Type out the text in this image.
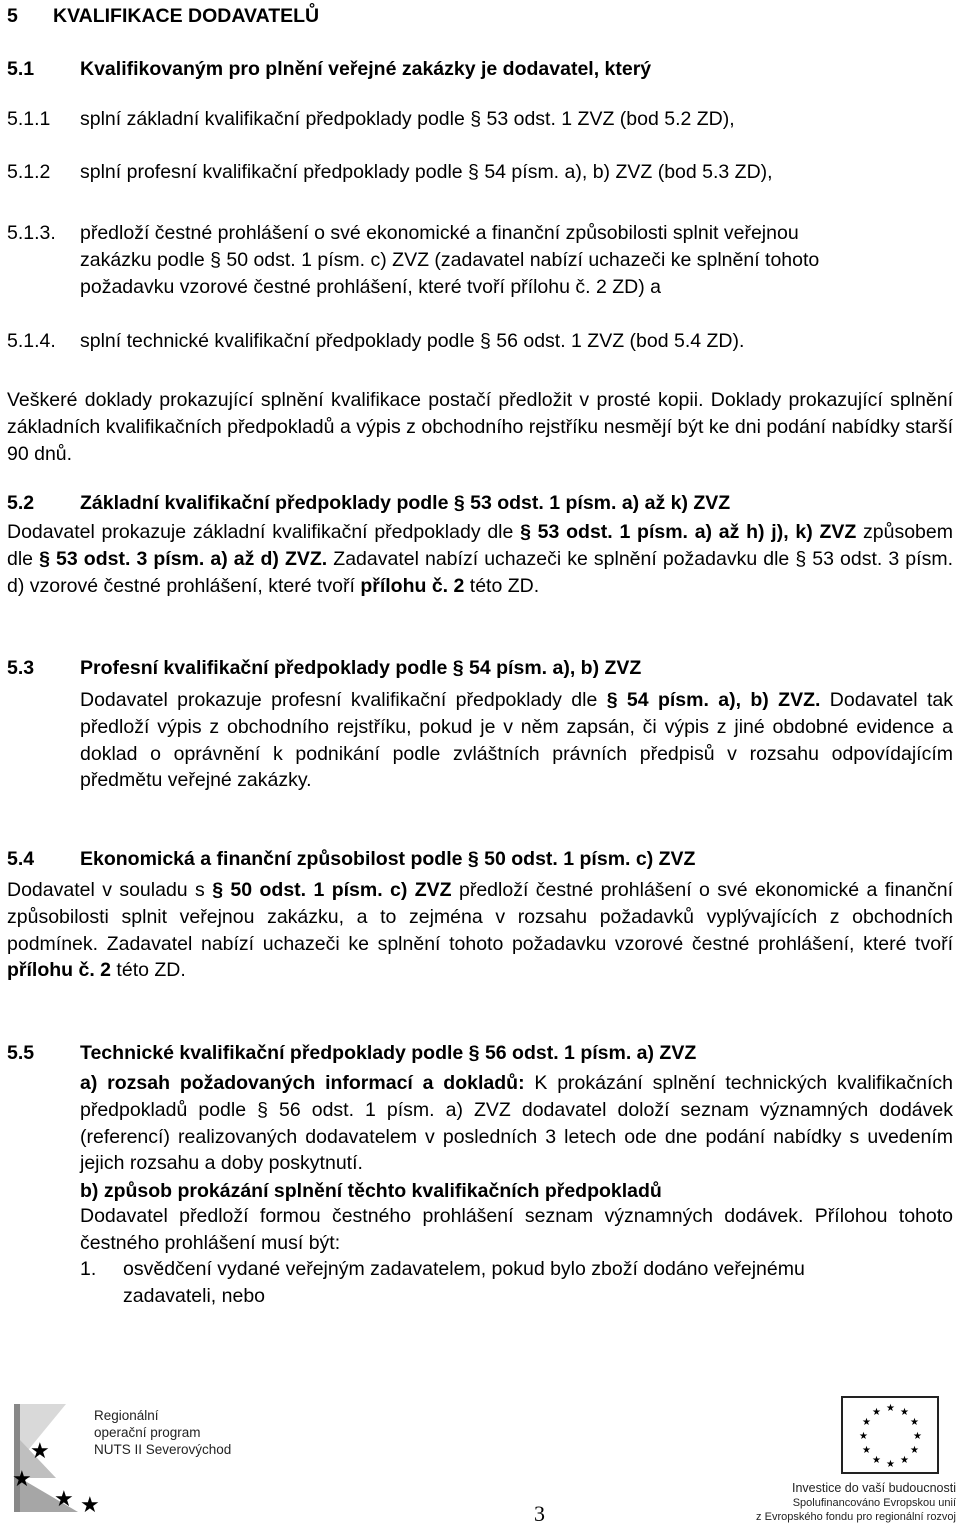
5 KVALIFIKACE DODAVATELŮ
5.1 Kvalifikovaným pro plnění veřejné zakázky je dodavatel, který
5.1.1 splní základní kvalifikační předpoklady podle § 53 odst. 1 ZVZ (bod 5.2 ZD),
5.1.2 splní profesní kvalifikační předpoklady podle § 54 písm. a), b) ZVZ (bod 5.3 ZD),
5.1.3. předloží čestné prohlášení o své ekonomické a finanční způsobilosti splnit veřejnou
zakázku podle § 50 odst. 1 písm. c) ZVZ (zadavatel nabízí uchazeči ke splnění tohoto
požadavku vzorové čestné prohlášení, které tvoří přílohu č. 2 ZD) a
5.1.4. splní technické kvalifikační předpoklady podle § 56 odst. 1 ZVZ (bod 5.4 ZD).

Veškeré doklady prokazující splnění kvalifikace postačí předložit v prosté kopii. Doklady prokazující splnění základních kvalifikačních předpokladů a výpis z obchodního rejstříku nesmějí být ke dni podání nabídky starší 90 dnů.

5.2 Základní kvalifikační předpoklady podle § 53 odst. 1 písm. a) až k) ZVZ

Dodavatel prokazuje základní kvalifikační předpoklady dle § 53 odst. 1 písm. a) až h) j), k) ZVZ způsobem dle § 53 odst. 3 písm. a) až d) ZVZ. Zadavatel nabízí uchazeči ke splnění požadavku dle § 53 odst. 3 písm. d) vzorové čestné prohlášení, které tvoří přílohu č. 2 této ZD.

5.3 Profesní kvalifikační předpoklady podle § 54 písm. a), b) ZVZ

Dodavatel prokazuje profesní kvalifikační předpoklady dle § 54 písm. a), b) ZVZ. Dodavatel tak předloží výpis z obchodního rejstříku, pokud je v něm zapsán, či výpis z jiné obdobné evidence a doklad o oprávnění k podnikání podle zvláštních právních předpisů v rozsahu odpovídajícím předmětu veřejné zakázky.

5.4 Ekonomická a finanční způsobilost podle § 50 odst. 1 písm. c) ZVZ

Dodavatel v souladu s § 50 odst. 1 písm. c) ZVZ předloží čestné prohlášení o své ekonomické a finanční způsobilosti splnit veřejnou zakázku, a to zejména v rozsahu požadavků vyplývajících z obchodních podmínek. Zadavatel nabízí uchazeči ke splnění tohoto požadavku vzorové čestné prohlášení, které tvoří přílohu č. 2 této ZD.

5.5 Technické kvalifikační předpoklady podle § 56 odst. 1 písm. a) ZVZ

a) rozsah požadovaných informací a dokladů: K prokázání splnění technických kvalifikačních předpokladů podle § 56 odst. 1 písm. a) ZVZ dodavatel doloží seznam významných dodávek (referencí) realizovaných dodavatelem v posledních 3 letech ode dne podání nabídky s uvedením jejich rozsahu a doby poskytnutí.

b) způsob prokázání splnění těchto kvalifikačních předpokladů

Dodavatel předloží formou čestného prohlášení seznam významných dodávek. Přílohou tohoto čestného prohlášení musí být:

1. osvědčení vydané veřejným zadavatelem, pokud bylo zboží dodáno veřejnému
zadavateli, nebo
★
★
★ ★
Regionální
operační program
NUTS II Severovýchod
3
★ ★
★
★
★
★
★
★
★
★
★
★
Investice do vaší budoucnosti
Spolufinancováno Evropskou unií
z Evropského fondu pro regionální rozvoj
